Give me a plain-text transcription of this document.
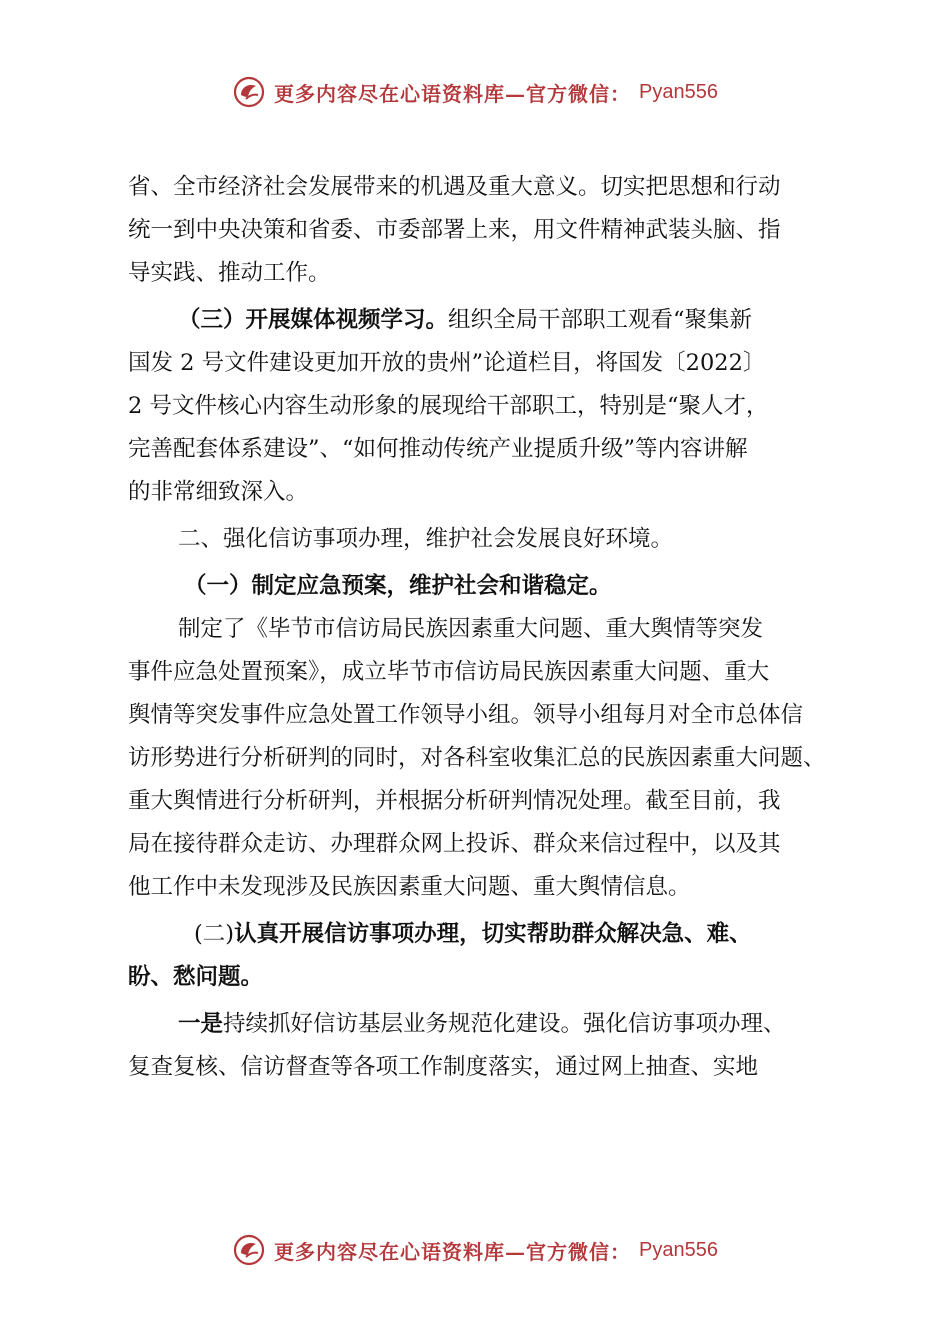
更多内容尽在心语资料库—官方微信： Pyan556

省、全市经济社会发展带来的机遇及重大意义。切实把思想和行动

统一到中央决策和省委、市委部署上来，用文件精神武装头脑、指

导实践、推动工作。

（三）开展媒体视频学习。组织全局干部职工观看“聚集新

国发 2 号文件建设更加开放的贵州”论道栏目，将国发〔2022〕

2 号文件核心内容生动形象的展现给干部职工，特别是“聚人才，

完善配套体系建设”、“如何推动传统产业提质升级”等内容讲解

的非常细致深入。

二、强化信访事项办理，维护社会发展良好环境。

（一）制定应急预案，维护社会和谐稳定。

制定了《毕节市信访局民族因素重大问题、重大舆情等突发

事件应急处置预案》，成立毕节市信访局民族因素重大问题、重大

舆情等突发事件应急处置工作领导小组。领导小组每月对全市总体信

访形势进行分析研判的同时，对各科室收集汇总的民族因素重大问题、

重大舆情进行分析研判，并根据分析研判情况处理。截至目前，我

局在接待群众走访、办理群众网上投诉、群众来信过程中，以及其

他工作中未发现涉及民族因素重大问题、重大舆情信息。

(二)认真开展信访事项办理，切实帮助群众解决急、难、

盼、愁问题。

一是持续抓好信访基层业务规范化建设。强化信访事项办理、

复查复核、信访督查等各项工作制度落实，通过网上抽查、实地

更多内容尽在心语资料库—官方微信： Pyan556
